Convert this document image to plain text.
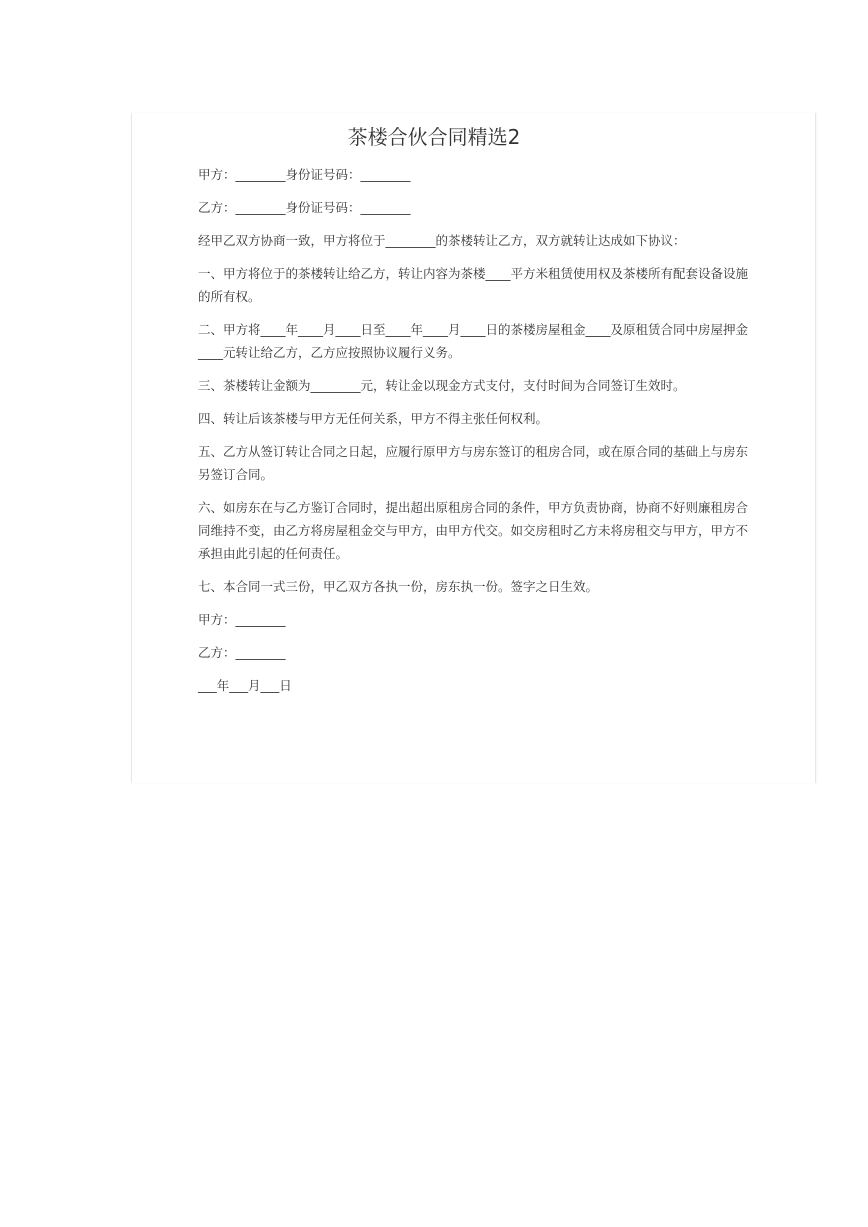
茶楼合伙合同精选2

甲方：________身份证号码：________

乙方：________身份证号码：________

经甲乙双方协商一致，甲方将位于________的茶楼转让乙方，双方就转让达成如下协议：

一、甲方将位于的茶楼转让给乙方，转让内容为茶楼____平方米租赁使用权及茶楼所有配套设备设施的所有权。

二、甲方将____年____月____日至____年____月____日的茶楼房屋租金____及原租赁合同中房屋押金____元转让给乙方，乙方应按照协议履行义务。

三、茶楼转让金额为________元，转让金以现金方式支付，支付时间为合同签订生效时。

四、转让后该茶楼与甲方无任何关系，甲方不得主张任何权利。

五、乙方从签订转让合同之日起，应履行原甲方与房东签订的租房合同，或在原合同的基础上与房东另签订合同。

六、如房东在与乙方鉴订合同时，提出超出原租房合同的条件，甲方负责协商，协商不好则廉租房合同维持不变，由乙方将房屋租金交与甲方，由甲方代交。如交房租时乙方未将房租交与甲方，甲方不承担由此引起的任何责任。

七、本合同一式三份，甲乙双方各执一份，房东执一份。签字之日生效。

甲方：________

乙方：________

___年___月___日
